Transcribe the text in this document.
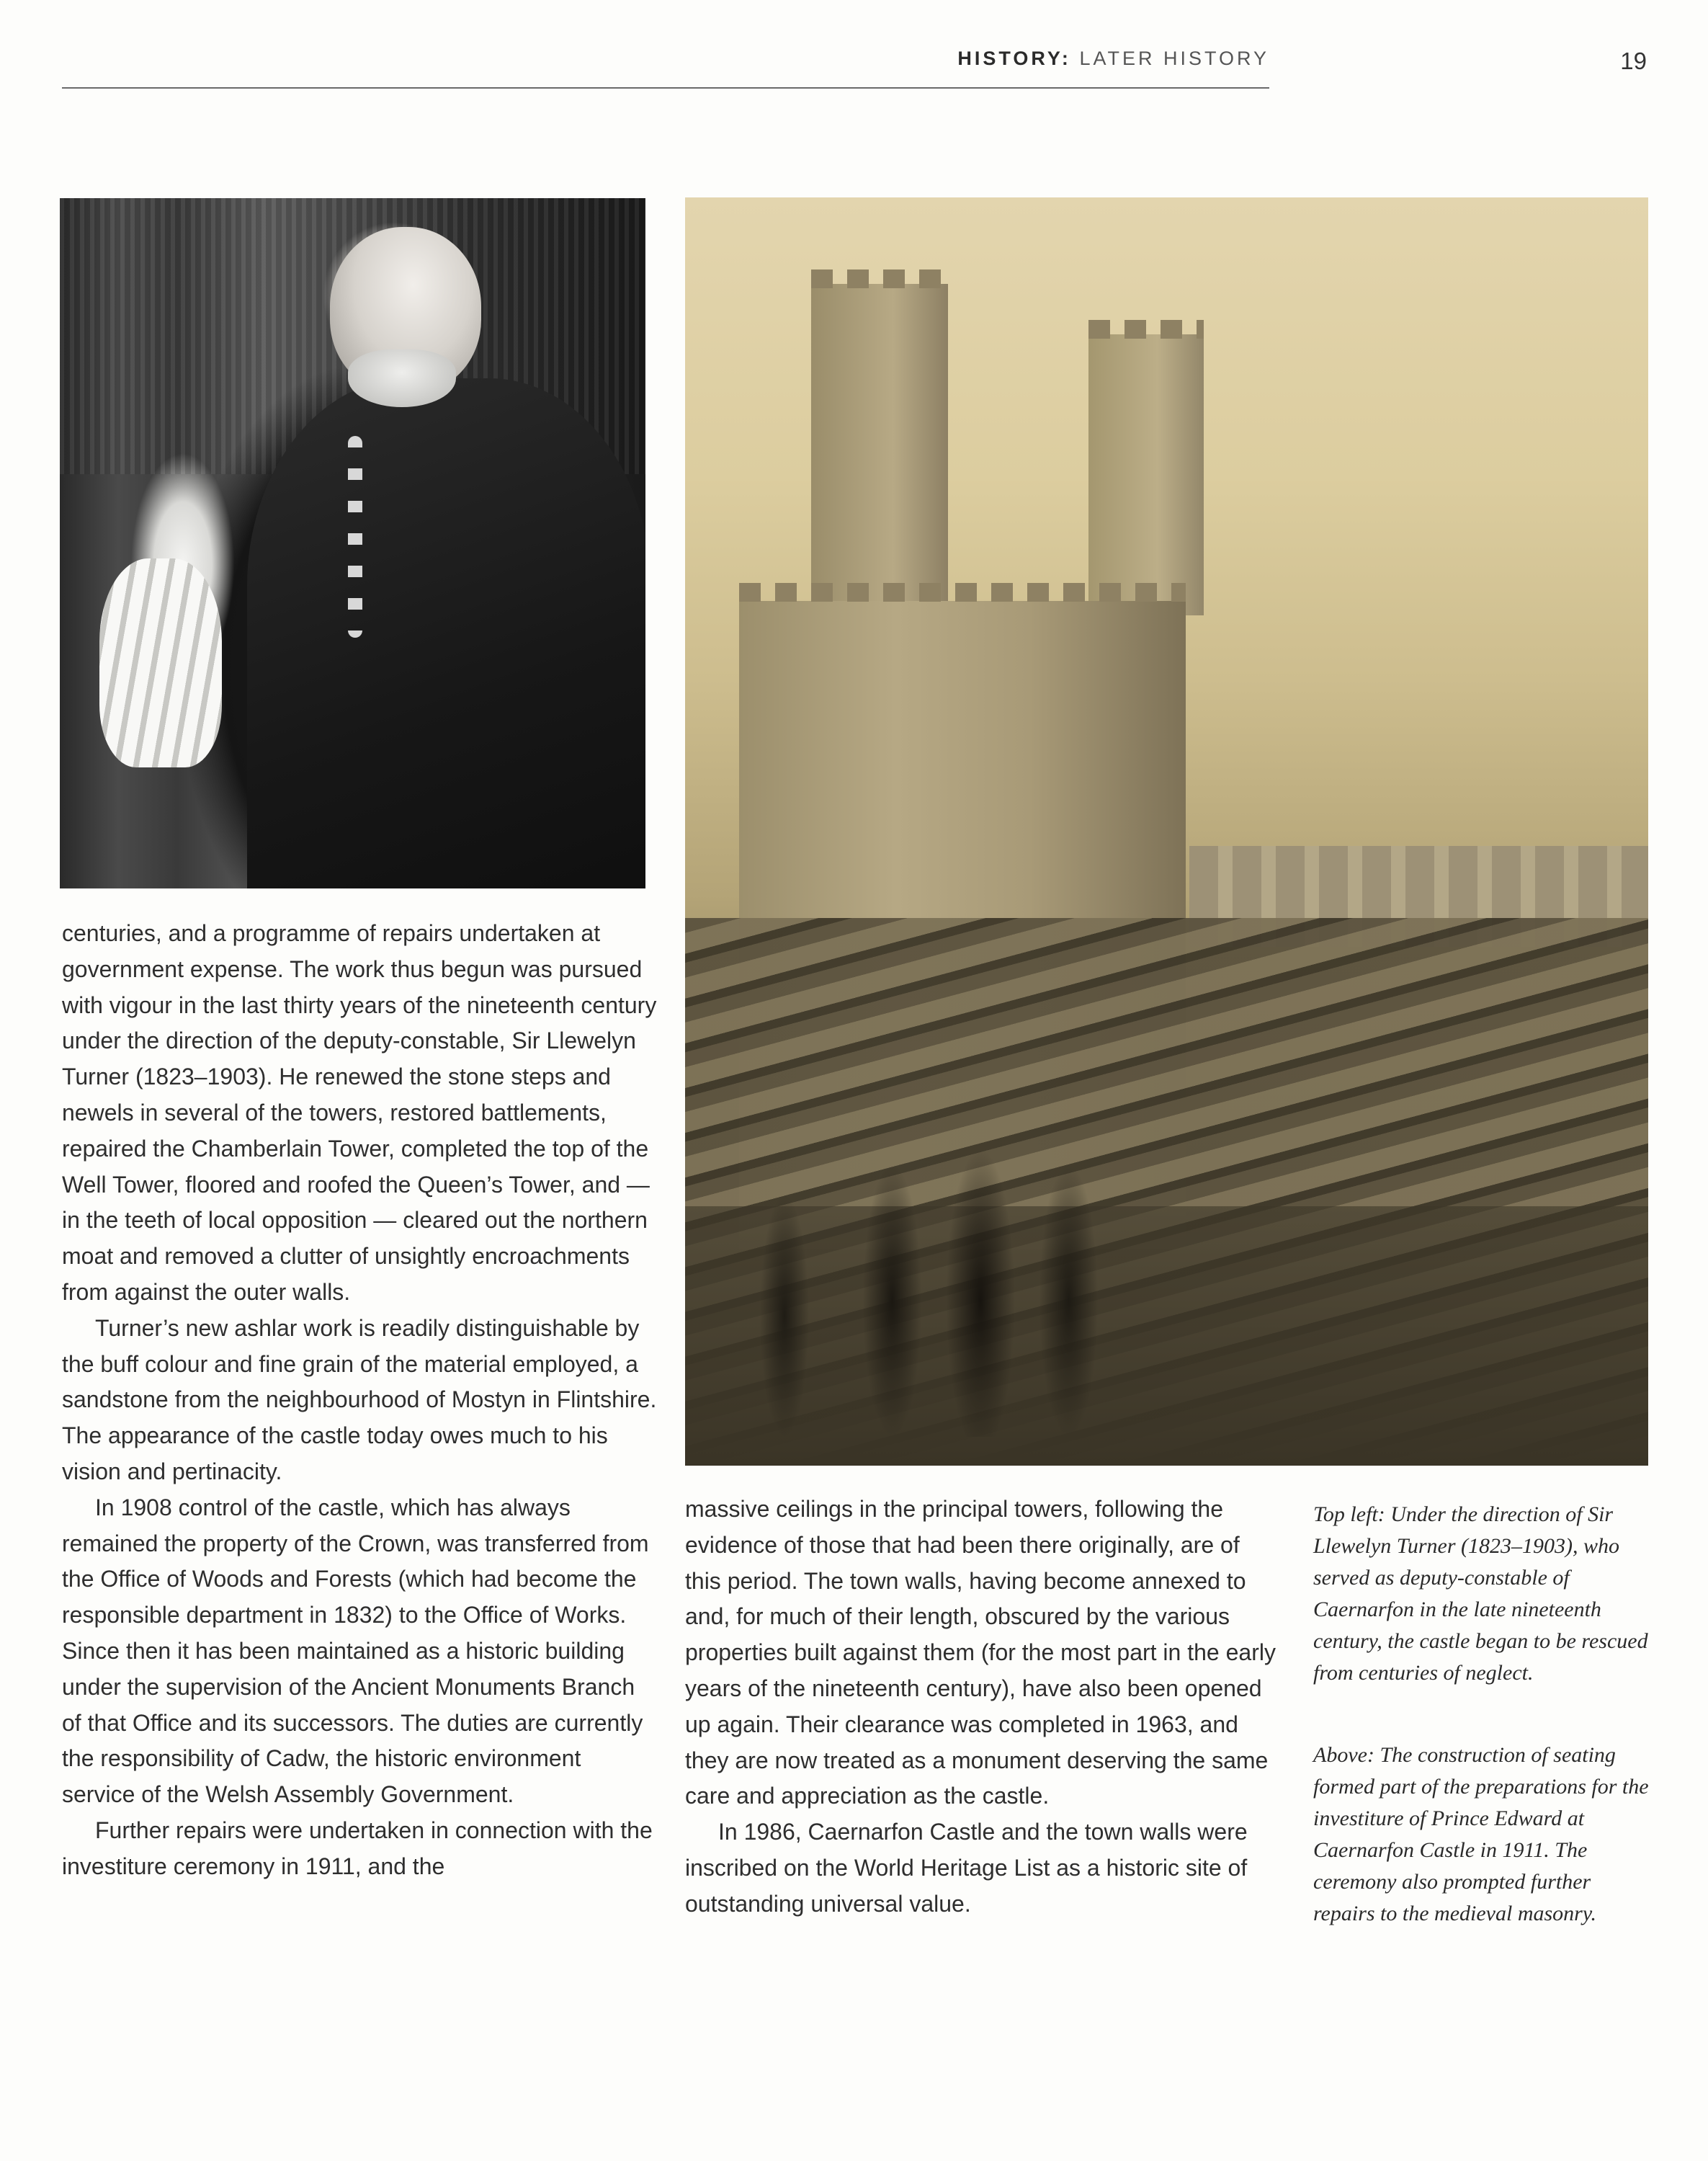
HISTORY: LATER HISTORY	19

centuries, and a programme of repairs undertaken at government expense. The work thus begun was pursued with vigour in the last thirty years of the nineteenth century under the direction of the deputy-constable, Sir Llewelyn Turner (1823–1903). He renewed the stone steps and newels in several of the towers, restored battlements, repaired the Chamberlain Tower, completed the top of the Well Tower, floored and roofed the Queen’s Tower, and — in the teeth of local opposition — cleared out the northern moat and removed a clutter of unsightly encroachments from against the outer walls.

Turner’s new ashlar work is readily distinguishable by the buff colour and fine grain of the material employed, a sandstone from the neighbourhood of Mostyn in Flintshire. The appearance of the castle today owes much to his vision and pertinacity.

In 1908 control of the castle, which has always remained the property of the Crown, was transferred from the Office of Woods and Forests (which had become the responsible department in 1832) to the Office of Works. Since then it has been maintained as a historic building under the supervision of the Ancient Monuments Branch of that Office and its successors. The duties are currently the responsibility of Cadw, the historic environment service of the Welsh Assembly Government.

Further repairs were undertaken in connection with the investiture ceremony in 1911, and the

massive ceilings in the principal towers, following the evidence of those that had been there originally, are of this period. The town walls, having become annexed to and, for much of their length, obscured by the various properties built against them (for the most part in the early years of the nineteenth century), have also been opened up again. Their clearance was completed in 1963, and they are now treated as a monument deserving the same care and appreciation as the castle.

In 1986, Caernarfon Castle and the town walls were inscribed on the World Heritage List as a historic site of outstanding universal value.

Top left: Under the direction of Sir Llewelyn Turner (1823–1903), who served as deputy-constable of Caernarfon in the late nineteenth century, the castle began to be rescued from centuries of neglect.
Above: The construction of seating formed part of the preparations for the investiture of Prince Edward at Caernarfon Castle in 1911. The ceremony also prompted further repairs to the medieval masonry.
